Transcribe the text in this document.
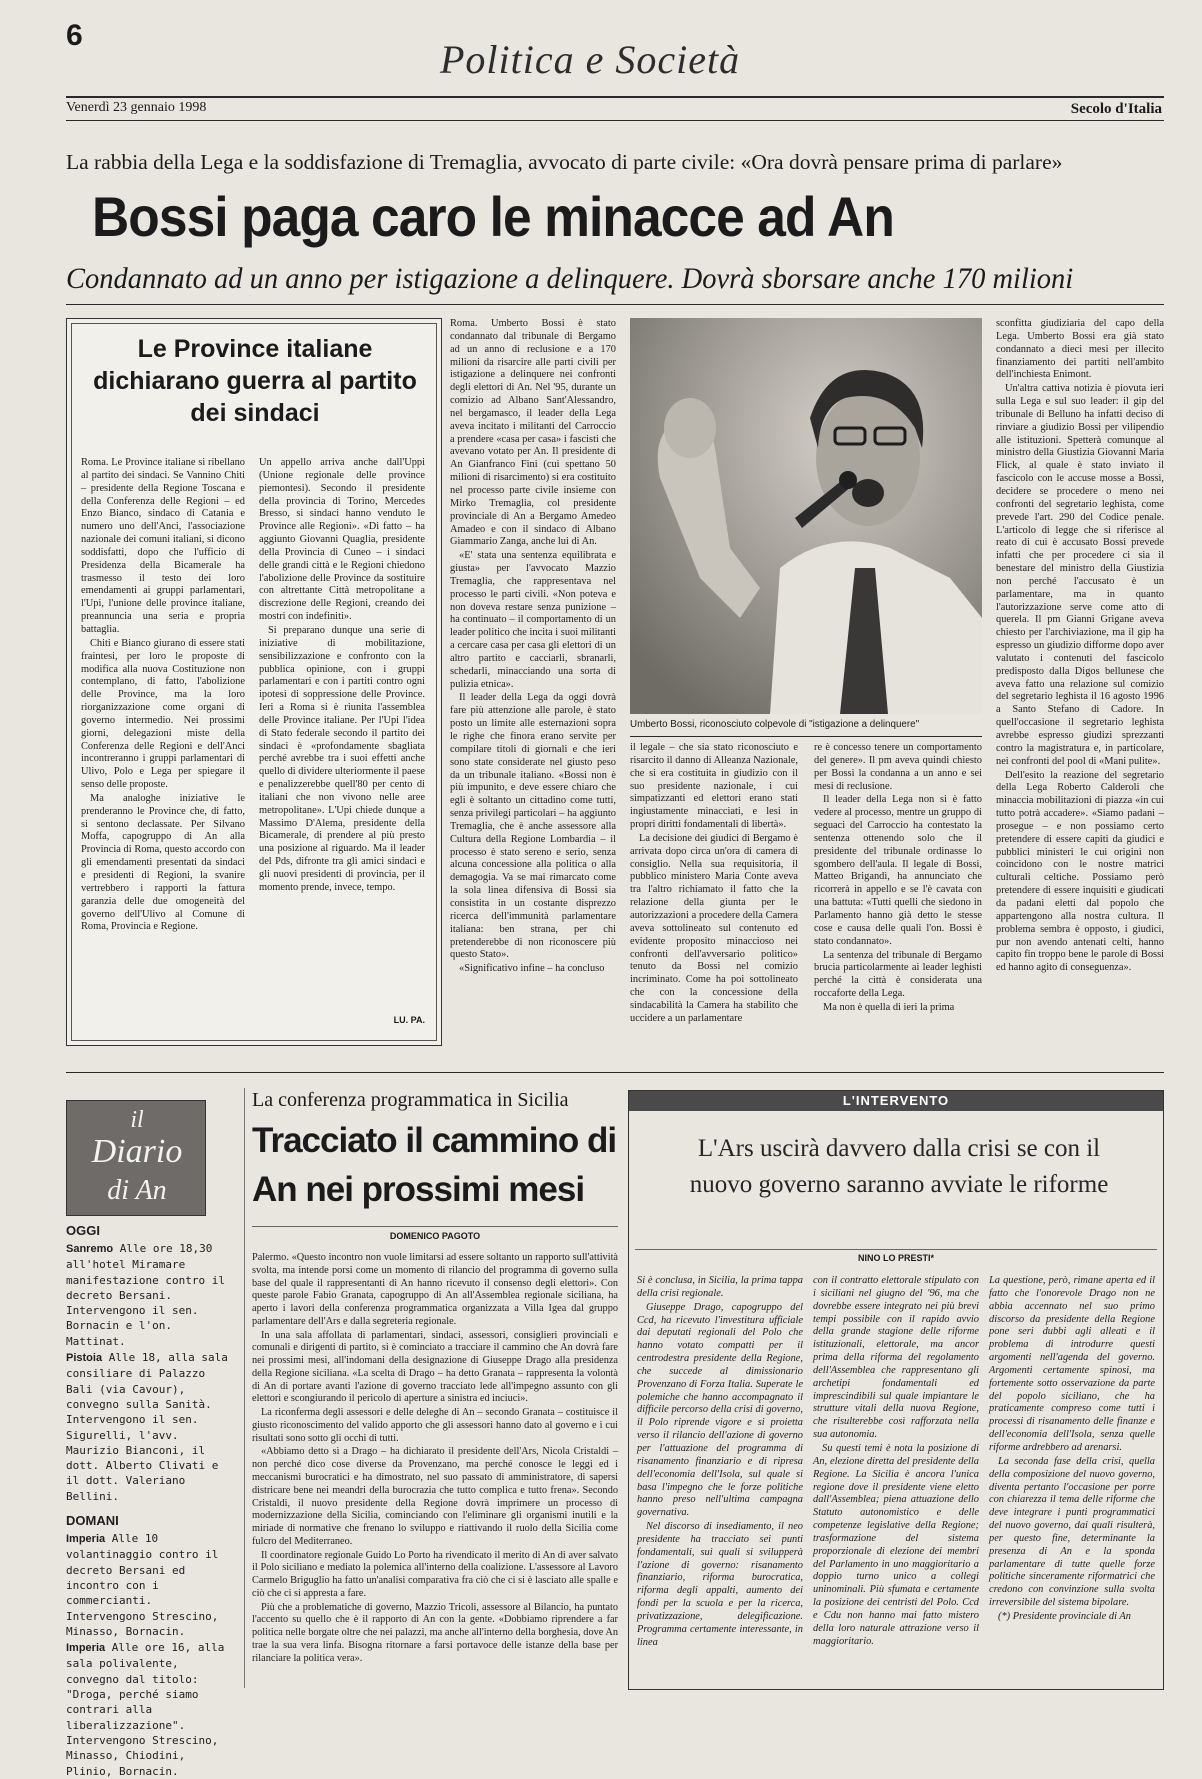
6
Politica e Società
Venerdì 23 gennaio 1998	Secolo d'Italia
La rabbia della Lega e la soddisfazione di Tremaglia, avvocato di parte civile: «Ora dovrà pensare prima di parlare»
Bossi paga caro le minacce ad An
Condannato ad un anno per istigazione a delinquere. Dovrà sborsare anche 170 milioni
Le Province italiane dichiarano guerra al partito dei sindaci

Roma. Le Province italiane si ribellano al partito dei sindaci. Se Vannino Chiti – presidente della Regione Toscana e della Conferenza delle Regioni – ed Enzo Bianco, sindaco di Catania e numero uno dell'Anci, l'associazione nazionale dei comuni italiani, si dicono soddisfatti, dopo che l'ufficio di Presidenza della Bicamerale ha trasmesso il testo dei loro emendamenti ai gruppi parlamentari, l'Upi, l'unione delle province italiane, preannuncia una seria e propria battaglia.

Chiti e Bianco giurano di essere stati fraintesi, per loro le proposte di modifica alla nuova Costituzione non contemplano, di fatto, l'abolizione delle Province, ma la loro riorganizzazione come organi di governo intermedio. Nei prossimi giorni, delegazioni miste della Conferenza delle Regioni e dell'Anci incontreranno i gruppi parlamentari di Ulivo, Polo e Lega per spiegare il senso delle proposte.

Ma analoghe iniziative le prenderanno le Province che, di fatto, si sentono declassate. Per Silvano Moffa, capogruppo di An alla Provincia di Roma, questo accordo con gli emendamenti presentati da sindaci e presidenti di Regioni, la svanire vertrebbero i rapporti la fattura garanzia delle due omogeneità del governo dell'Ulivo al Comune di Roma, Provincia e Regione.

Un appello arriva anche dall'Uppi (Unione regionale delle province piemontesi). Secondo il presidente della provincia di Torino, Mercedes Bresso, si sindaci hanno venduto le Province alle Regioni». «Di fatto – ha aggiunto Giovanni Quaglia, presidente della Provincia di Cuneo – i sindaci delle grandi città e le Regioni chiedono l'abolizione delle Province da sostituire con altrettante Città metropolitane a discrezione delle Regioni, creando dei mostri con indefiniti».

Si preparano dunque una serie di iniziative di mobilitazione, sensibilizzazione e confronto con la pubblica opinione, con i gruppi parlamentari e con i partiti contro ogni ipotesi di soppressione delle Province. Ieri a Roma si è riunita l'assemblea delle Province italiane. Per l'Upi l'idea di Stato federale secondo il partito dei sindaci è «profondamente sbagliata perché avrebbe tra i suoi effetti anche quello di dividere ulteriormente il paese e penalizzerebbe quell'80 per cento di italiani che non vivono nelle aree metropolitane». L'Upi chiede dunque a Massimo D'Alema, presidente della Bicamerale, di prendere al più presto una posizione al riguardo. Ma il leader del Pds, difronte tra gli amici sindaci e gli nuovi presidenti di provincia, per il momento prende, invece, tempo.

LU. PA.

Roma. Umberto Bossi è stato condannato dal tribunale di Bergamo ad un anno di reclusione e a 170 milioni da risarcire alle parti civili per istigazione a delinquere nei confronti degli elettori di An. Nel '95, durante un comizio ad Albano Sant'Alessandro, nel bergamasco, il leader della Lega aveva incitato i militanti del Carroccio a prendere «casa per casa» i fascisti che avevano votato per An. Il presidente di An Gianfranco Fini (cui spettano 50 milioni di risarcimento) si era costituito nel processo parte civile insieme con Mirko Tremaglia, col presidente provinciale di An a Bergamo Amedeo Amadeo e con il sindaco di Albano Giammario Zanga, anche lui di An.

«E' stata una sentenza equilibrata e giusta» per l'avvocato Mazzio Tremaglia, che rappresentava nel processo le parti civili. «Non poteva e non doveva restare senza punizione – ha continuato – il comportamento di un leader politico che incita i suoi militanti a cercare casa per casa gli elettori di un altro partito e cacciarli, sbranarli, schedarli, minacciando una sorta di pulizia etnica».

Il leader della Lega da oggi dovrà fare più attenzione alle parole, è stato posto un limite alle esternazioni sopra le righe che finora erano servite per compilare titoli di giornali e che ieri sono state considerate nel giusto peso da un tribunale italiano. «Bossi non è più impunito, e deve essere chiaro che egli è soltanto un cittadino come tutti, senza privilegi particolari – ha aggiunto Tremaglia, che è anche assessore alla Cultura della Regione Lombardia – il processo è stato sereno e serio, senza alcuna concessione alla politica o alla demagogia. Va se mai rimarcato come la sola linea difensiva di Bossi sia consistita in un costante disprezzo ricerca dell'immunità parlamentare italiana: ben strana, per chi pretenderebbe di non riconoscere più questo Stato».

«Significativo infine – ha concluso

Umberto Bossi, riconosciuto colpevole di "istigazione a delinquere"

il legale – che sia stato riconosciuto e risarcito il danno di Alleanza Nazionale, che si era costituita in giudizio con il suo presidente nazionale, i cui simpatizzanti ed elettori erano stati ingiustamente minacciati, e lesi in propri diritti fondamentali di libertà».

La decisione dei giudici di Bergamo è arrivata dopo circa un'ora di camera di consiglio. Nella sua requisitoria, il pubblico ministero Maria Conte aveva tra l'altro richiamato il fatto che la relazione della giunta per le autorizzazioni a procedere della Camera aveva sottolineato sul contenuto ed evidente proposito minaccioso nei confronti dell'avversario politico» tenuto da Bossi nel comizio incriminato. Come ha poi sottolineato che con la concessione della sindacabilità la Camera ha stabilito che uccidere a un parlamentare

re è concesso tenere un comportamento del genere». Il pm aveva quindi chiesto per Bossi la condanna a un anno e sei mesi di reclusione.

Il leader della Lega non si è fatto vedere al processo, mentre un gruppo di seguaci del Carroccio ha contestato la sentenza ottenendo solo che il presidente del tribunale ordinasse lo sgombero dell'aula. Il legale di Bossi, Matteo Brigandì, ha annunciato che ricorrerà in appello e se l'è cavata con una battuta: «Tutti quelli che siedono in Parlamento hanno già detto le stesse cose e causa delle quali l'on. Bossi è stato condannato».

La sentenza del tribunale di Bergamo brucia particolarmente ai leader leghisti perché la città è considerata una roccaforte della Lega.

Ma non è quella di ieri la prima

sconfitta giudiziaria del capo della Lega. Umberto Bossi era già stato condannato a dieci mesi per illecito finanziamento dei partiti nell'ambito dell'inchiesta Enimont.

Un'altra cattiva notizia è piovuta ieri sulla Lega e sul suo leader: il gip del tribunale di Belluno ha infatti deciso di rinviare a giudizio Bossi per vilipendio alle istituzioni. Spetterà comunque al ministro della Giustizia Giovanni Maria Flick, al quale è stato inviato il fascicolo con le accuse mosse a Bossi, decidere se procedere o meno nei confronti del segretario leghista, come prevede l'art. 290 del Codice penale. L'articolo di legge che si riferisce al reato di cui è accusato Bossi prevede infatti che per procedere ci sia il benestare del ministro della Giustizia non perché l'accusato è un parlamentare, ma in quanto l'autorizzazione serve come atto di querela. Il pm Gianni Grigane aveva chiesto per l'archiviazione, ma il gip ha espresso un giudizio difforme dopo aver valutato i contenuti del fascicolo predisposto dalla Digos bellunese che aveva fatto una relazione sul comizio del segretario leghista il 16 agosto 1996 a Santo Stefano di Cadore. In quell'occasione il segretario leghista avrebbe espresso giudizi sprezzanti contro la magistratura e, in particolare, nei confronti del pool di «Mani pulite».

Dell'esito la reazione del segretario della Lega Roberto Calderoli che minaccia mobilitazioni di piazza «in cui tutto potrà accadere». «Siamo padani – prosegue – e non possiamo certo pretendere di essere capiti da giudici e pubblici ministeri le cui origini non coincidono con le nostre matrici culturali celtiche. Possiamo però pretendere di essere inquisiti e giudicati da padani eletti dal popolo che appartengono alla nostra cultura. Il problema sembra è opposto, i giudici, pur non avendo antenati celti, hanno capito fin troppo bene le parole di Bossi ed hanno agito di conseguenza».

il
Diario
di An
OGGI

Sanremo Alle ore 18,30 all'hotel Miramare manifestazione contro il decreto Bersani. Intervengono il sen. Bornacin e l'on. Mattinat.

Pistoia Alle 18, alla sala consiliare di Palazzo Bali (via Cavour), convegno sulla Sanità. Intervengono il sen. Sigurelli, l'avv. Maurizio Bianconi, il dott. Alberto Clivati e il dott. Valeriano Bellini.

DOMANI

Imperia Alle 10 volantinaggio contro il decreto Bersani ed incontro con i commercianti. Intervengono Strescino, Minasso, Bornacin.

Imperia Alle ore 16, alla sala polivalente, convegno dal titolo: "Droga, perché siamo contrari alla liberalizzazione". Intervengono Strescino, Minasso, Chiodini, Plinio, Bornacin.

La conferenza programmatica in Sicilia
Tracciato il cammino di An nei prossimi mesi
DOMENICO PAGOTO

Palermo. «Questo incontro non vuole limitarsi ad essere soltanto un rapporto sull'attività svolta, ma intende porsi come un momento di rilancio del programma di governo sulla base del quale il rappresentanti di An hanno ricevuto il consenso degli elettori». Con queste parole Fabio Granata, capogruppo di An all'Assemblea regionale siciliana, ha aperto i lavori della conferenza programmatica organizzata a Villa Igea dal gruppo parlamentare dell'Ars e dalla segreteria regionale.

In una sala affollata di parlamentari, sindaci, assessori, consiglieri provinciali e comunali e dirigenti di partito, si è cominciato a tracciare il cammino che An dovrà fare nei prossimi mesi, all'indomani della designazione di Giuseppe Drago alla presidenza della Regione siciliana. «La scelta di Drago – ha detto Granata – rappresenta la volontà di An di portare avanti l'azione di governo tracciato lede all'impegno assunto con gli elettori e scongiurando il pericolo di aperture a sinistra ed inciuci».

La riconferma degli assessori e delle deleghe di An – secondo Granata – costituisce il giusto riconoscimento del valido apporto che gli assessori hanno dato al governo e i cui risultati sono sotto gli occhi di tutti.

«Abbiamo detto sì a Drago – ha dichiarato il presidente dell'Ars, Nicola Cristaldi – non perché dico cose diverse da Provenzano, ma perché conosce le leggi ed i meccanismi burocratici e ha dimostrato, nel suo passato di amministratore, di sapersi districare bene nei meandri della burocrazia che tutto complica e tutto frena». Secondo Cristaldi, il nuovo presidente della Regione dovrà imprimere un processo di modernizzazione della Sicilia, cominciando con l'eliminare gli organismi inutili e la miriade di normative che frenano lo sviluppo e riattivando il ruolo della Sicilia come fulcro del Mediterraneo.

Il coordinatore regionale Guido Lo Porto ha rivendicato il merito di An di aver salvato il Polo siciliano e mediato la polemica all'interno della coalizione. L'assessore al Lavoro Carmelo Briguglio ha fatto un'analisi comparativa fra ciò che ci si è lasciato alle spalle e ciò che ci si appresta a fare.

Più che a problematiche di governo, Mazzio Tricoli, assessore al Bilancio, ha puntato l'accento su quello che è il rapporto di An con la gente. «Dobbiamo riprendere a far politica nelle borgate oltre che nei palazzi, ma anche all'interno della borghesia, dove An trae la sua vera linfa. Bisogna ritornare a farsi portavoce delle istanze della base per rilanciare la politica vera».

L'INTERVENTO
L'Ars uscirà davvero dalla crisi se con il nuovo governo saranno avviate le riforme
NINO LO PRESTI*

Si è conclusa, in Sicilia, la prima tappa della crisi regionale.

Giuseppe Drago, capogruppo del Ccd, ha ricevuto l'investitura ufficiale dai deputati regionali del Polo che hanno votato compatti per il centrodestra presidente della Regione, che succede al dimissionario Provenzano di Forza Italia. Superate le polemiche che hanno accompagnato il difficile percorso della crisi di governo, il Polo riprende vigore e si proietta verso il rilancio dell'azione di governo per l'attuazione del programma di risanamento finanziario e di ripresa dell'economia dell'Isola, sul quale si basa l'impegno che le forze politiche hanno preso nell'ultima campagna governativa.

Nel discorso di insediamento, il neo presidente ha tracciato sei punti fondamentali, sui quali si svilupperà l'azione di governo: risanamento finanziario, riforma burocratica, riforma degli appalti, aumento dei fondi per la scuola e per la ricerca, privatizzazione, delegificazione. Programma certamente interessante, in linea

con il contratto elettorale stipulato con i siciliani nel giugno del '96, ma che dovrebbe essere integrato nei più brevi tempi possibile con il rapido avvio della grande stagione delle riforme istituzionali, elettorale, ma ancor prima della riforma del regolamento dell'Assemblea che rappresentano gli archetipi fondamentali ed imprescindibili sul quale impiantare le strutture vitali della nuova Regione, che risulterebbe così rafforzata nella sua autonomia.

Su questi temi è nota la posizione di An, elezione diretta del presidente della Regione. La Sicilia è ancora l'unica regione dove il presidente viene eletto dall'Assemblea; piena attuazione dello Statuto autonomistico e delle competenze legislative della Regione; trasformazione del sistema proporzionale di elezione dei membri del Parlamento in uno maggioritario a doppio turno unico a collegi uninominali. Più sfumata e certamente la posizione dei centristi del Polo. Ccd e Cdu non hanno mai fatto mistero della loro naturale attrazione verso il maggioritario.

La questione, però, rimane aperta ed il fatto che l'onorevole Drago non ne abbia accennato nel suo primo discorso da presidente della Regione pone seri dubbi agli alleati e il problema di introdurre questi argomenti nell'agenda del governo. Argomenti certamente spinosi, ma fortemente sotto osservazione da parte del popolo siciliano, che ha praticamente compreso come tutti i processi di risanamento delle finanze e dell'economia dell'Isola, senza quelle riforme ardrebbero ad arenarsi.

La seconda fase della crisi, quella della composizione del nuovo governo, diventa pertanto l'occasione per porre con chiarezza il tema delle riforme che deve integrare i punti programmatici del nuovo governo, dai quali risulterà, per questo fine, determinante la presenza di An e la sponda parlamentare di tutte quelle forze politiche sinceramente riformatrici che credono con convinzione sulla svolta irreversibile del sistema bipolare.

(*) Presidente provinciale di An
